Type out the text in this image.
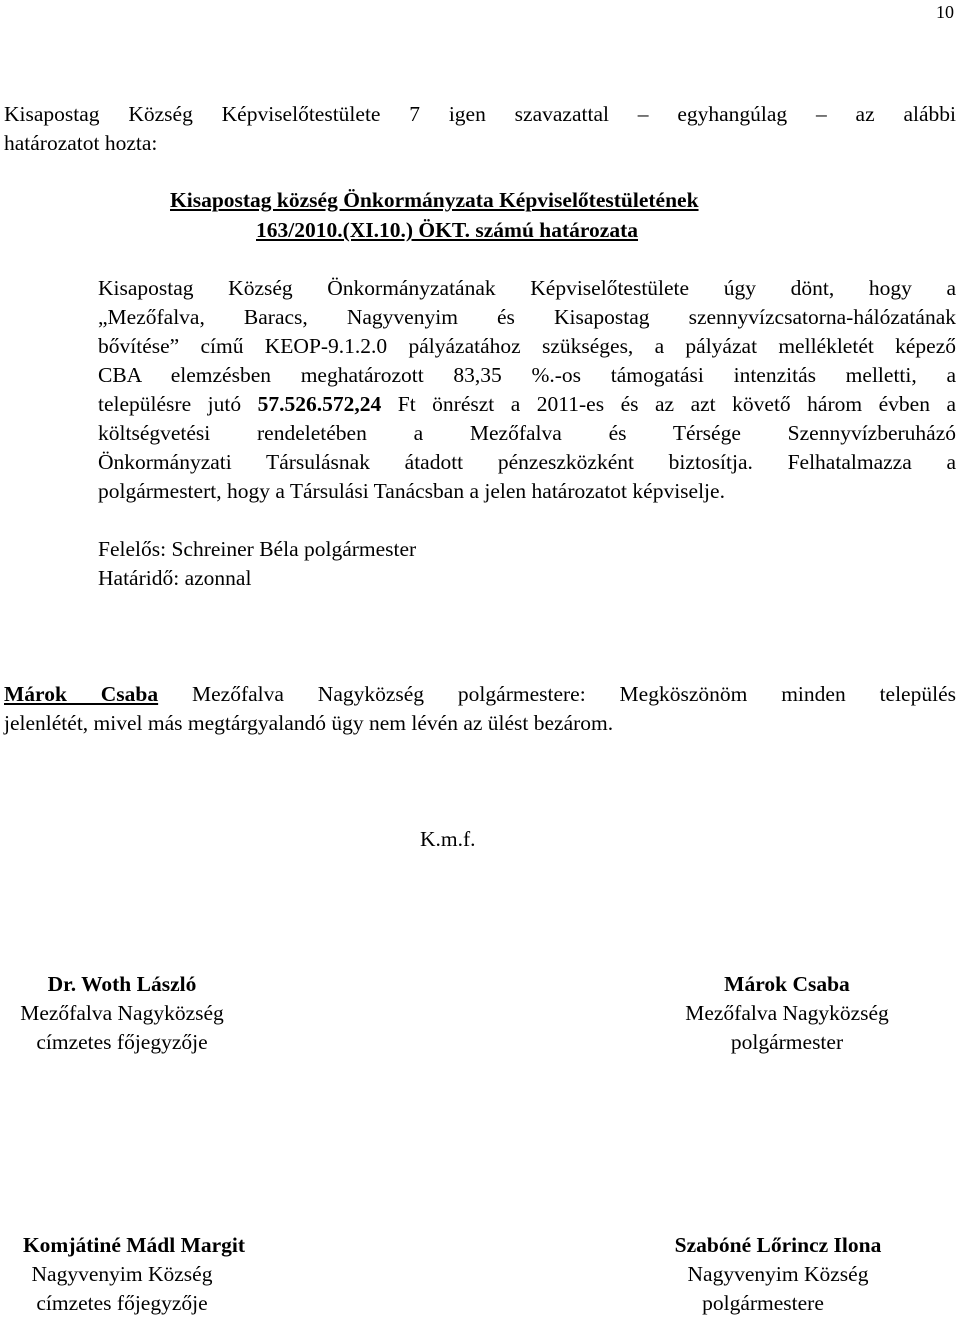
10
Kisapostag Község Képviselőtestülete 7 igen szavazattal – egyhangúlag – az alábbi
határozatot hozta:
Kisapostag község Önkormányzata Képviselőtestületének
163/2010.(XI.10.) ÖKT. számú határozata
Kisapostag Község Önkormányzatának Képviselőtestülete úgy dönt, hogy a
„Mezőfalva, Baracs, Nagyvenyim és Kisapostag szennyvízcsatorna-hálózatának
bővítése” című KEOP-9.1.2.0 pályázatához szükséges, a pályázat mellékletét képező
CBA elemzésben meghatározott 83,35 %.-os támogatási intenzitás melletti, a
településre jutó 57.526.572,24 Ft önrészt a 2011-es és az azt követő három évben a
költségvetési rendeletében a Mezőfalva és Térsége Szennyvízberuházó
Önkormányzati Társulásnak átadott pénzeszközként biztosítja. Felhatalmazza a
polgármestert, hogy a Társulási Tanácsban a jelen határozatot képviselje.
Felelős: Schreiner Béla polgármester
Határidő: azonnal
Márok Csaba Mezőfalva Nagyközség polgármestere: Megköszönöm minden település
jelenlétét, mivel más megtárgyalandó ügy nem lévén az ülést bezárom.
K.m.f.
Dr. Woth László
Mezőfalva Nagyközség
címzetes főjegyzője
Márok Csaba
Mezőfalva Nagyközség
polgármester
Komjátiné Mádl Margit
Nagyvenyim Község
címzetes főjegyzője
Szabóné Lőrincz Ilona
Nagyvenyim Község
polgármestere
